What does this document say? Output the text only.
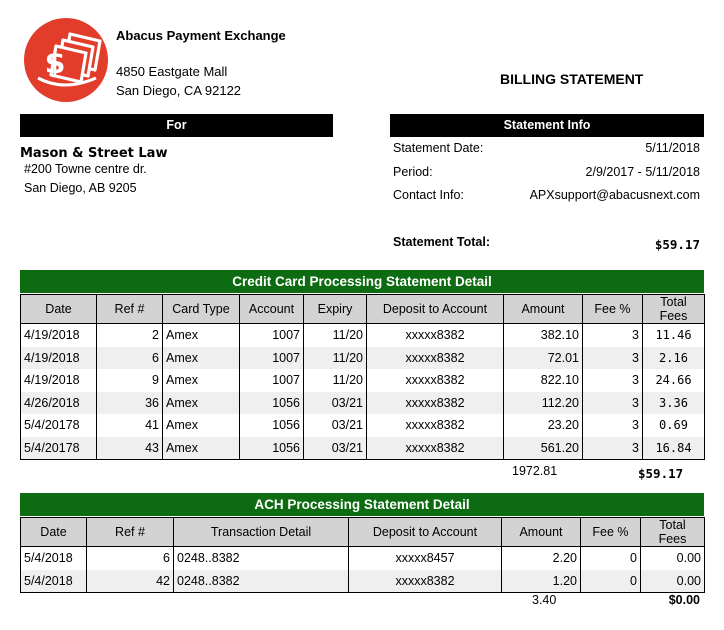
$
Abacus Payment Exchange
4850 Eastgate Mall
San Diego, CA 92122
BILLING STATEMENT
For	Statement Info
Mason & Street Law
#200 Towne centre dr.
San Diego, AB 9205
Statement Date:	5/11/2018
Period:	2/9/2017 - 5/11/2018
Contact Info:	APXsupport@abacusnext.com
Statement Total:	$59.17
Credit Card Processing Statement Detail
Date	Ref #	Card Type	Account	Expiry	Deposit to Account	Amount	Fee %	Total Fees
4/19/2018	2	Amex	1007	11/20	xxxxx8382	382.10	3	11.46
4/19/2018	6	Amex	1007	11/20	xxxxx8382	72.01	3	2.16
4/19/2018	9	Amex	1007	11/20	xxxxx8382	822.10	3	24.66
4/26/2018	36	Amex	1056	03/21	xxxxx8382	112.20	3	3.36
5/4/20178	41	Amex	1056	03/21	xxxxx8382	23.20	3	0.69
5/4/20178	43	Amex	1056	03/21	xxxxx8382	561.20	3	16.84
1972.81	$59.17
ACH Processing Statement Detail
Date	Ref #	Transaction Detail	Deposit to Account	Amount	Fee %	Total Fees
5/4/2018	6	0248..8382	xxxxx8457	2.20	0	0.00
5/4/2018	42	0248..8382	xxxxx8382	1.20	0	0.00
3.40	$0.00
